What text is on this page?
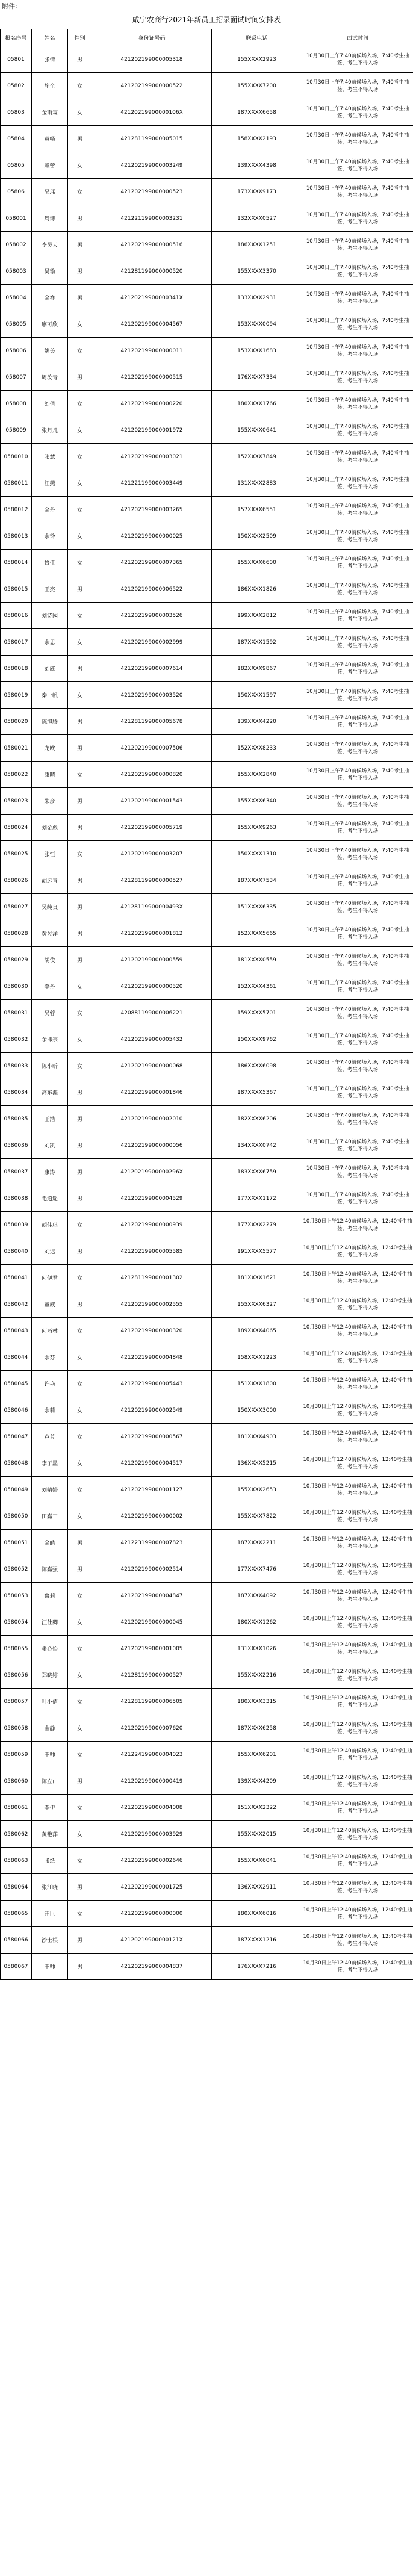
附件：
咸宁农商行2021年新员工招录面试时间安排表
报名序号	姓名	性别	身份证号码	联系电话	面试时间
05801	张倩	男	421202199000005318	155XXXX2923	10月30日上午7:40前候场入场，7:40考生抽签，考生不得入场
05802	施全	女	421202199000000522	155XXXX7200	10月30日上午7:40前候场入场，7:40考生抽签，考生不得入场
05803	金雨霖	女	42120219900000106X	187XXXX6658	10月30日上午7:40前候场入场，7:40考生抽签，考生不得入场
05804	黄畅	男	421281199000005015	158XXXX2193	10月30日上午7:40前候场入场，7:40考生抽签，考生不得入场
05805	戚蕾	女	421202199000003249	139XXXX4398	10月30日上午7:40前候场入场，7:40考生抽签，考生不得入场
05806	吴瑶	女	421202199000000523	173XXXX9173	10月30日上午7:40前候场入场，7:40考生抽签，考生不得入场
058001	周博	男	421221199000003231	132XXXX0527	10月30日上午7:40前候场入场，7:40考生抽签，考生不得入场
058002	李昊天	男	421202199000000516	186XXXX1251	10月30日上午7:40前候场入场，7:40考生抽签，考生不得入场
058003	吴瑜	男	421281199000000520	155XXXX3370	10月30日上午7:40前候场入场，7:40考生抽签，考生不得入场
058004	余祚	男	42120219900000341X	133XXXX2931	10月30日上午7:40前候场入场，7:40考生抽签，考生不得入场
058005	廖可欣	女	421202199000004567	153XXXX0094	10月30日上午7:40前候场入场，7:40考生抽签，考生不得入场
058006	姚美	女	421202199000000011	153XXXX1683	10月30日上午7:40前候场入场，7:40考生抽签，考生不得入场
058007	周汝青	男	421202199000000515	176XXXX7334	10月30日上午7:40前候场入场，7:40考生抽签，考生不得入场
058008	刘倩	女	421202199000000220	180XXXX1766	10月30日上午7:40前候场入场，7:40考生抽签，考生不得入场
058009	张丹凡	女	421202199000001972	155XXXX0641	10月30日上午7:40前候场入场，7:40考生抽签，考生不得入场
0580010	张慧	女	421202199000003021	152XXXX7849	10月30日上午7:40前候场入场，7:40考生抽签，考生不得入场
0580011	汪燕	女	421221199000003449	131XXXX2883	10月30日上午7:40前候场入场，7:40考生抽签，考生不得入场
0580012	余丹	女	421202199000003265	157XXXX6551	10月30日上午7:40前候场入场，7:40考生抽签，考生不得入场
0580013	余玲	女	421202199000000025	150XXXX2509	10月30日上午7:40前候场入场，7:40考生抽签，考生不得入场
0580014	鲁佳	女	421202199000007365	155XXXX6600	10月30日上午7:40前候场入场，7:40考生抽签，考生不得入场
0580015	王杰	男	421202199000006522	186XXXX1826	10月30日上午7:40前候场入场，7:40考生抽签，考生不得入场
0580016	刘诗园	女	421202199000003526	199XXXX2812	10月30日上午7:40前候场入场，7:40考生抽签，考生不得入场
0580017	余思	女	421202199000002999	187XXXX1592	10月30日上午7:40前候场入场，7:40考生抽签，考生不得入场
0580018	刘威	男	421202199000007614	182XXXX9867	10月30日上午7:40前候场入场，7:40考生抽签，考生不得入场
0580019	秦一帆	女	421202199000003520	150XXXX1597	10月30日上午7:40前候场入场，7:40考生抽签，考生不得入场
0580020	陈旭腾	男	421281199000005678	139XXXX4220	10月30日上午7:40前候场入场，7:40考生抽签，考生不得入场
0580021	龙欧	男	421202199000007506	152XXXX8233	10月30日上午7:40前候场入场，7:40考生抽签，考生不得入场
0580022	康晴	女	421202199000000820	155XXXX2840	10月30日上午7:40前候场入场，7:40考生抽签，考生不得入场
0580023	朱彦	男	421202199000001543	155XXXX6340	10月30日上午7:40前候场入场，7:40考生抽签，考生不得入场
0580024	刘金彪	男	421202199000005719	155XXXX9263	10月30日上午7:40前候场入场，7:40考生抽签，考生不得入场
0580025	张恒	女	421202199000003207	150XXXX1310	10月30日上午7:40前候场入场，7:40考生抽签，考生不得入场
0580026	胡远青	男	421281199000000527	187XXXX7534	10月30日上午7:40前候场入场，7:40考生抽签，考生不得入场
0580027	吴纯良	男	42128119900000493X	151XXXX6335	10月30日上午7:40前候场入场，7:40考生抽签，考生不得入场
0580028	黄昱洋	男	421202199000001812	152XXXX5665	10月30日上午7:40前候场入场，7:40考生抽签，考生不得入场
0580029	胡俊	男	421202199000000559	181XXXX0559	10月30日上午7:40前候场入场，7:40考生抽签，考生不得入场
0580030	李丹	女	421202199000000520	152XXXX4361	10月30日上午7:40前候场入场，7:40考生抽签，考生不得入场
0580031	吴蓉	女	420881199000006221	159XXXX5701	10月30日上午7:40前候场入场，7:40考生抽签，考生不得入场
0580032	余即宗	女	421202199000005432	150XXXX9762	10月30日上午7:40前候场入场，7:40考生抽签，考生不得入场
0580033	陈小昕	女	421202199000000068	186XXXX6098	10月30日上午7:40前候场入场，7:40考生抽签，考生不得入场
0580034	高东涯	男	421202199000001846	187XXXX5367	10月30日上午7:40前候场入场，7:40考生抽签，考生不得入场
0580035	王浩	男	421202199000002010	182XXXX6206	10月30日上午7:40前候场入场，7:40考生抽签，考生不得入场
0580036	刘凯	男	421202199000000056	134XXXX0742	10月30日上午7:40前候场入场，7:40考生抽签，考生不得入场
0580037	康涛	男	42120219900000296X	183XXXX6759	10月30日上午7:40前候场入场，7:40考生抽签，考生不得入场
0580038	毛逍遥	男	421202199000004529	177XXXX1172	10月30日上午7:40前候场入场，7:40考生抽签，考生不得入场
0580039	胡佳琪	女	421202199000000939	177XXXX2279	10月30日上午12:40前候场入场，12:40考生抽签，考生不得入场
0580040	刘迟	男	421202199000005585	191XXXX5577	10月30日上午12:40前候场入场，12:40考生抽签，考生不得入场
0580041	何伊君	女	421281199000001302	181XXXX1621	10月30日上午12:40前候场入场，12:40考生抽签，考生不得入场
0580042	董威	男	421202199000002555	155XXXX6327	10月30日上午12:40前候场入场，12:40考生抽签，考生不得入场
0580043	何巧林	女	421202199000000320	189XXXX4065	10月30日上午12:40前候场入场，12:40考生抽签，考生不得入场
0580044	余芬	女	421202199000004848	158XXXX1223	10月30日上午12:40前候场入场，12:40考生抽签，考生不得入场
0580045	许艳	女	421202199000005443	151XXXX1800	10月30日上午12:40前候场入场，12:40考生抽签，考生不得入场
0580046	余莉	女	421202199000002549	150XXXX3000	10月30日上午12:40前候场入场，12:40考生抽签，考生不得入场
0580047	卢芳	女	421202199000000567	181XXXX4903	10月30日上午12:40前候场入场，12:40考生抽签，考生不得入场
0580048	李子墨	女	421202199000004517	136XXXX5215	10月30日上午12:40前候场入场，12:40考生抽签，考生不得入场
0580049	刘婧婷	女	421202199000001127	155XXXX2653	10月30日上午12:40前候场入场，12:40考生抽签，考生不得入场
0580050	田嘉三	女	421202199000000002	155XXXX7822	10月30日上午12:40前候场入场，12:40考生抽签，考生不得入场
0580051	余皓	男	421223199000007823	187XXXX2211	10月30日上午12:40前候场入场，12:40考生抽签，考生不得入场
0580052	陈嘉强	男	421202199000002514	177XXXX7476	10月30日上午12:40前候场入场，12:40考生抽签，考生不得入场
0580053	鲁莉	女	421202199000004847	187XXXX4092	10月30日上午12:40前候场入场，12:40考生抽签，考生不得入场
0580054	汪仕卿	女	421202199000000045	180XXXX1262	10月30日上午12:40前候场入场，12:40考生抽签，考生不得入场
0580055	张心怡	女	421202199000001005	131XXXX1026	10月30日上午12:40前候场入场，12:40考生抽签，考生不得入场
0580056	郑晓婷	女	421281199000000527	155XXXX2216	10月30日上午12:40前候场入场，12:40考生抽签，考生不得入场
0580057	叶小倩	女	421281199000006505	180XXXX3315	10月30日上午12:40前候场入场，12:40考生抽签，考生不得入场
0580058	金静	女	421202199000007620	187XXXX6258	10月30日上午12:40前候场入场，12:40考生抽签，考生不得入场
0580059	王帅	女	421224199000004023	155XXXX6201	10月30日上午12:40前候场入场，12:40考生抽签，考生不得入场
0580060	陈立山	男	421202199000000419	139XXXX4209	10月30日上午12:40前候场入场，12:40考生抽签，考生不得入场
0580061	李伊	女	421202199000004008	151XXXX2322	10月30日上午12:40前候场入场，12:40考生抽签，考生不得入场
0580062	黄艳萍	女	421202199000003929	155XXXX2015	10月30日上午12:40前候场入场，12:40考生抽签，考生不得入场
0580063	张纸	女	421202199000002646	155XXXX6041	10月30日上午12:40前候场入场，12:40考生抽签，考生不得入场
0580064	张江晓	男	421202199000001725	136XXXX2911	10月30日上午12:40前候场入场，12:40考生抽签，考生不得入场
0580065	汪巨	女	421202199000000000	180XXXX6016	10月30日上午12:40前候场入场，12:40考生抽签，考生不得入场
0580066	沙士根	男	42120219900000121X	187XXXX1216	10月30日上午12:40前候场入场，12:40考生抽签，考生不得入场
0580067	王帅	男	421202199000004837	176XXXX7216	10月30日上午12:40前候场入场，12:40考生抽签，考生不得入场
